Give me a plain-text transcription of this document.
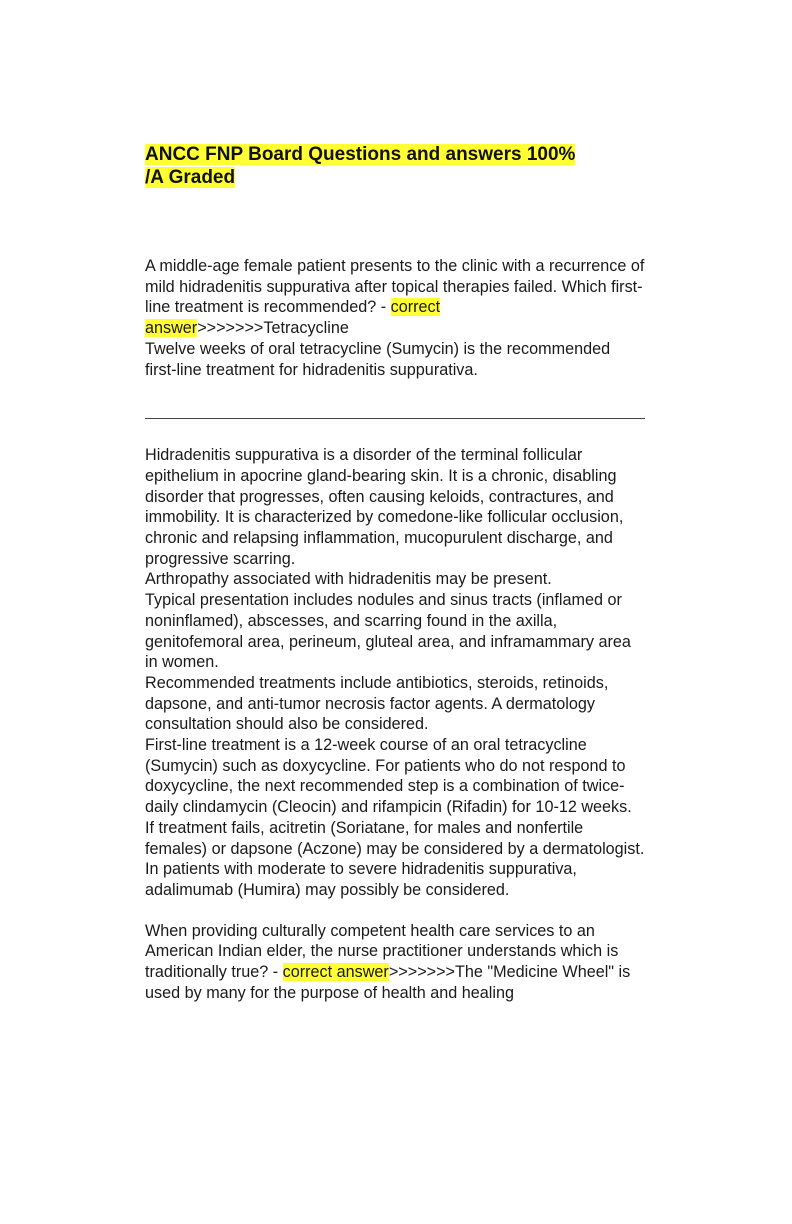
ANCC FNP Board Questions and answers 100%
/A Graded

A middle-age female patient presents to the clinic with a recurrence of mild hidradenitis suppurativa after topical therapies failed. Which first-line treatment is recommended? - correct answer>>>>>>>Tetracycline
Twelve weeks of oral tetracycline (Sumycin) is the recommended first-line treatment for hidradenitis suppurativa.

Hidradenitis suppurativa is a disorder of the terminal follicular epithelium in apocrine gland-bearing skin. It is a chronic, disabling disorder that progresses, often causing keloids, contractures, and immobility. It is characterized by comedone-like follicular occlusion, chronic and relapsing inflammation, mucopurulent discharge, and progressive scarring.
Arthropathy associated with hidradenitis may be present.
Typical presentation includes nodules and sinus tracts (inflamed or noninflamed), abscesses, and scarring found in the axilla, genitofemoral area, perineum, gluteal area, and inframammary area in women.
Recommended treatments include antibiotics, steroids, retinoids, dapsone, and anti-tumor necrosis factor agents. A dermatology consultation should also be considered.
First-line treatment is a 12-week course of an oral tetracycline (Sumycin) such as doxycycline. For patients who do not respond to doxycycline, the next recommended step is a combination of twice-daily clindamycin (Cleocin) and rifampicin (Rifadin) for 10-12 weeks. If treatment fails, acitretin (Soriatane, for males and nonfertile females) or dapsone (Aczone) may be considered by a dermatologist. In patients with moderate to severe hidradenitis suppurativa, adalimumab (Humira) may possibly be considered.

When providing culturally competent health care services to an American Indian elder, the nurse practitioner understands which is traditionally true? - correct answer>>>>>>>The "Medicine Wheel" is used by many for the purpose of health and healing
